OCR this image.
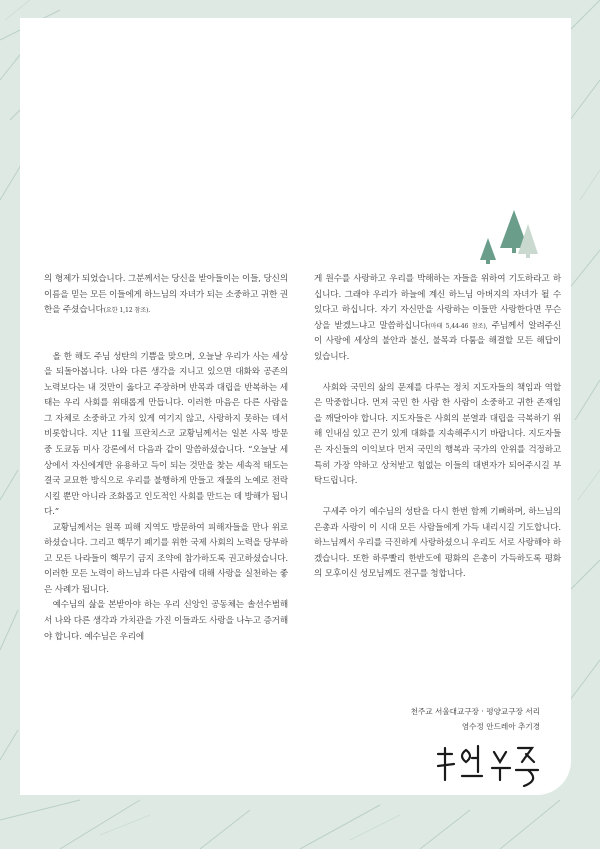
의 형제가 되었습니다. 그분께서는 당신을 받아들이는 이들, 당신의 이름을 믿는 모든 이들에게 하느님의 자녀가 되는 소중하고 귀한 권한을 주셨습니다(요한 1,12 참조).

올 한 해도 주님 성탄의 기쁨을 맞으며, 오늘날 우리가 사는 세상을 되돌아봅니다. 나와 다른 생각을 지니고 있으면 대화와 공존의 노력보다는 내 것만이 옳다고 주장하며 반목과 대립을 반복하는 세태는 우리 사회를 위태롭게 만듭니다. 이러한 마음은 다른 사람을 그 자체로 소중하고 가치 있게 여기지 않고, 사랑하지 못하는 데서 비롯합니다. 지난 11월 프란치스코 교황님께서는 일본 사목 방문 중 도쿄돔 미사 강론에서 다음과 같이 말씀하셨습니다. “오늘날 세상에서 자신에게만 유용하고 득이 되는 것만을 찾는 세속적 태도는 결국 교묘한 방식으로 우리를 불행하게 만들고 재물의 노예로 전락시킬 뿐만 아니라 조화롭고 인도적인 사회를 만드는 데 방해가 됩니다.”

교황님께서는 원폭 피해 지역도 방문하여 피해자들을 만나 위로하셨습니다. 그리고 핵무기 폐기를 위한 국제 사회의 노력을 당부하고 모든 나라들이 핵무기 금지 조약에 참가하도록 권고하셨습니다. 이러한 모든 노력이 하느님과 다른 사람에 대해 사랑을 실천하는 좋은 사례가 됩니다.

예수님의 삶을 본받아야 하는 우리 신앙인 공동체는 솔선수범해서 나와 다른 생각과 가치관을 가진 이들과도 사랑을 나누고 증거해야 합니다. 예수님은 우리에

게 원수를 사랑하고 우리를 박해하는 자들을 위하여 기도하라고 하십니다. 그래야 우리가 하늘에 계신 하느님 아버지의 자녀가 될 수 있다고 하십니다. 자기 자신만을 사랑하는 이들만 사랑한다면 무슨 상을 받겠느냐고 말씀하십니다(마태 5,44-46 참조), 주님께서 알려주신 이 사랑에 세상의 불안과 불신, 불목과 다툼을 해결할 모든 해답이 있습니다.

사회와 국민의 삶의 문제를 다루는 정치 지도자들의 책임과 역할은 막중합니다. 먼저 국민 한 사람 한 사람이 소중하고 귀한 존재임을 깨달아야 합니다. 지도자들은 사회의 분열과 대립을 극복하기 위해 인내심 있고 끈기 있게 대화를 지속해주시기 바랍니다. 지도자들은 자신들의 이익보다 먼저 국민의 행복과 국가의 안위를 걱정하고 특히 가장 약하고 상처받고 힘없는 이들의 대변자가 되어주시길 부탁드립니다.

구세주 아기 예수님의 성탄을 다시 한번 함께 기뻐하며, 하느님의 은총과 사랑이 이 시대 모든 사람들에게 가득 내리시길 기도합니다. 하느님께서 우리를 극진하게 사랑하셨으니 우리도 서로 사랑해야 하겠습니다. 또한 하루빨리 한반도에 평화의 은총이 가득하도록 평화의 모후이신 성모님께도 전구를 청합니다.

천주교 서울대교구장 · 평양교구장 서리
염수정 안드레아 추기경
